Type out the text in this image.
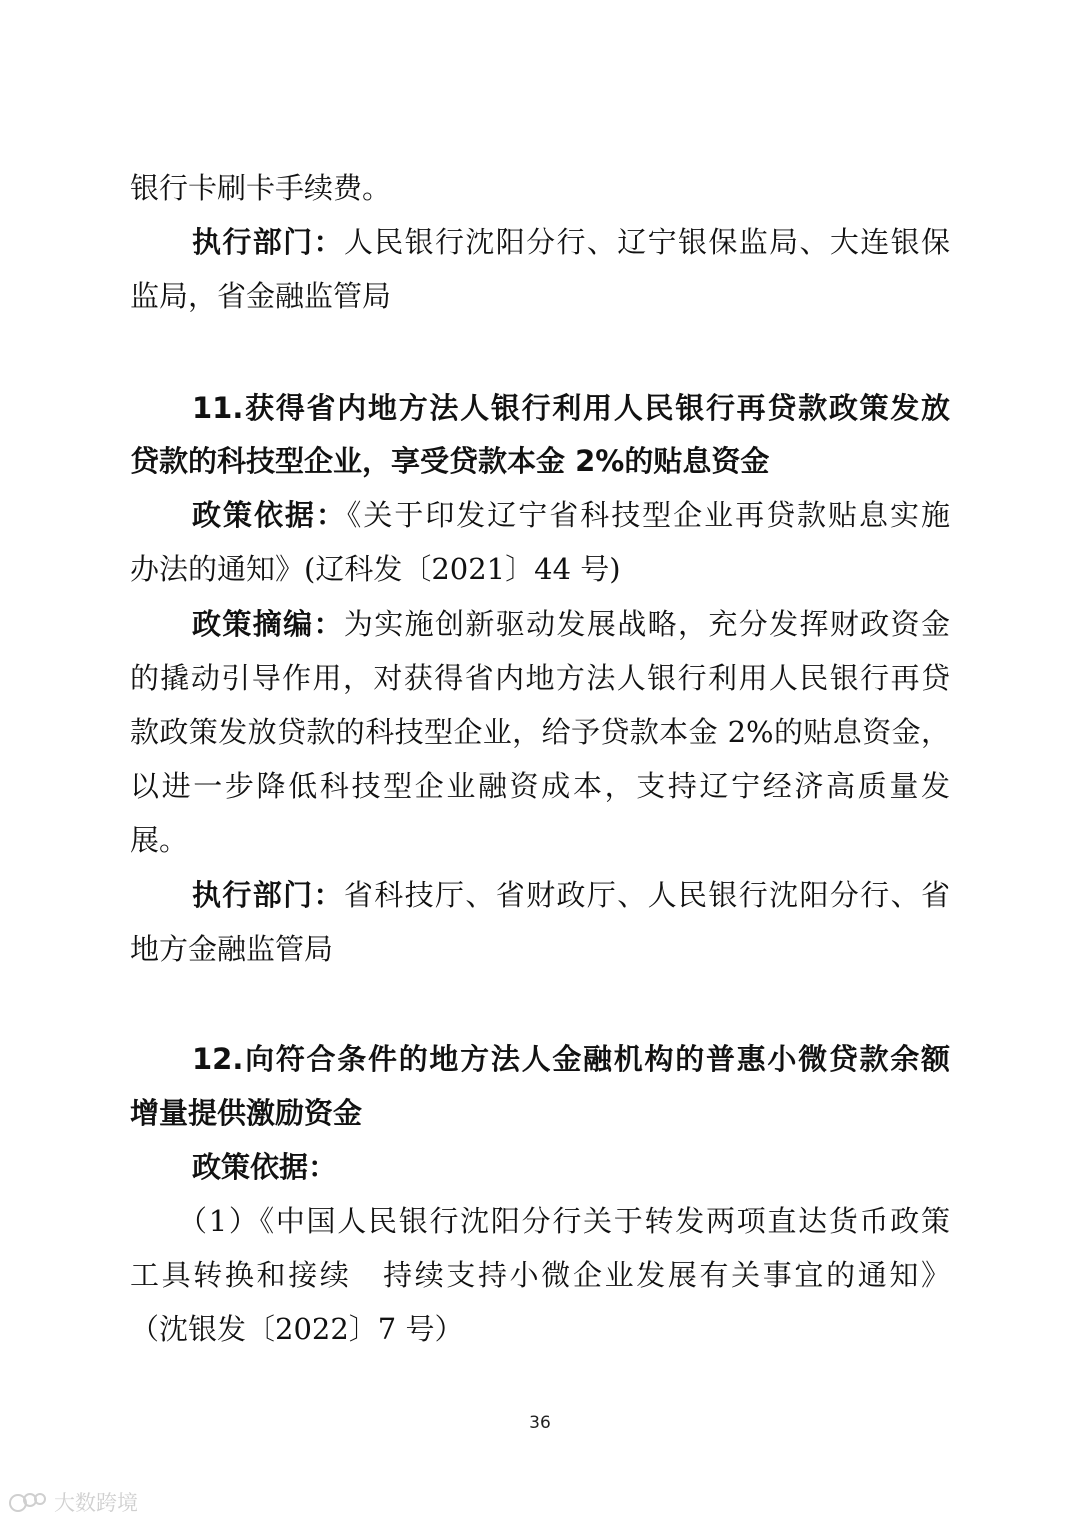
银行卡刷卡手续费。
执行部门：人民银行沈阳分行、辽宁银保监局、大连银保
监局，省金融监管局
11.获得省内地方法人银行利用人民银行再贷款政策发放
贷款的科技型企业，享受贷款本金 2%的贴息资金
政策依据：《关于印发辽宁省科技型企业再贷款贴息实施
办法的通知》(辽科发〔2021〕44 号)
政策摘编：为实施创新驱动发展战略，充分发挥财政资金
的撬动引导作用，对获得省内地方法人银行利用人民银行再贷
款政策发放贷款的科技型企业，给予贷款本金 2%的贴息资金，
以进一步降低科技型企业融资成本，支持辽宁经济高质量发
展。
执行部门：省科技厅、省财政厅、人民银行沈阳分行、省
地方金融监管局
12.向符合条件的地方法人金融机构的普惠小微贷款余额
增量提供激励资金
政策依据：
（1）《中国人民银行沈阳分行关于转发两项直达货币政策
工具转换和接续　持续支持小微企业发展有关事宜的通知》
（沈银发〔2022〕7 号）
36
大数跨境
